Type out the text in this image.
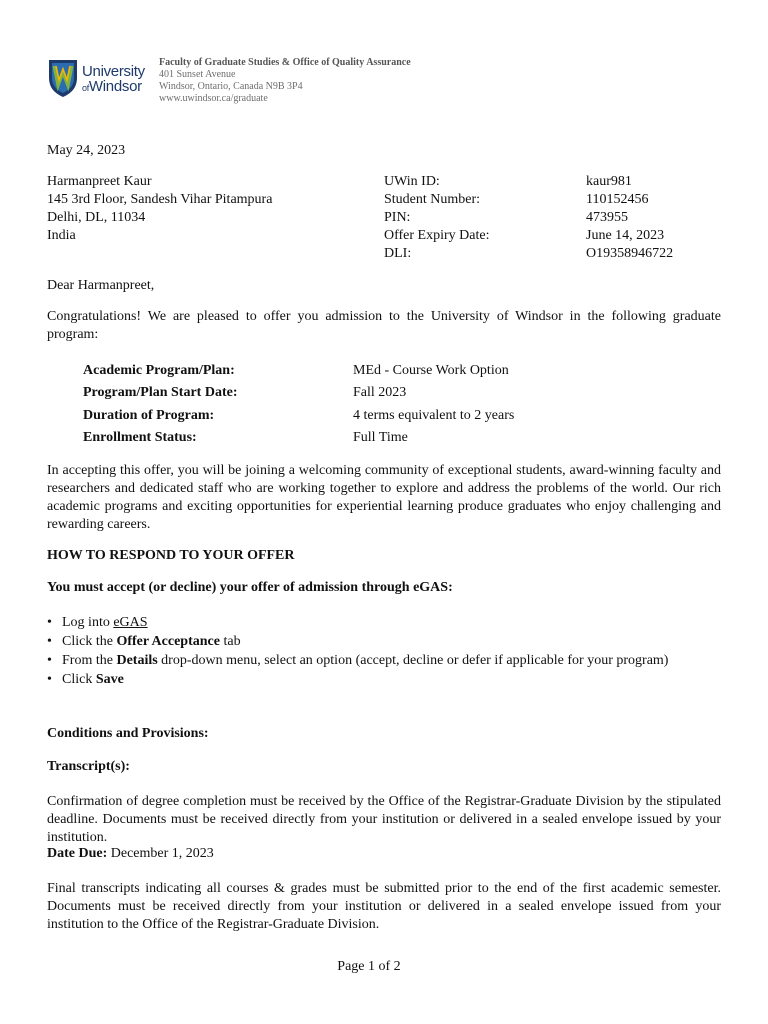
University
ofWindsor
Faculty of Graduate Studies & Office of Quality Assurance
401 Sunset Avenue
Windsor, Ontario, Canada N9B 3P4
www.uwindsor.ca/graduate
May 24, 2023
Harmanpreet Kaur
145 3rd Floor, Sandesh Vihar Pitampura
Delhi, DL, 11034
India
UWin ID:
Student Number:
PIN:
Offer Expiry Date:
DLI:
kaur981
110152456
473955
June 14, 2023
O19358946722
Dear Harmanpreet,
Congratulations! We are pleased to offer you admission to the University of Windsor in the following graduate program:
Academic Program/Plan:
Program/Plan Start Date:
Duration of Program:
Enrollment Status:
MEd - Course Work Option
Fall 2023
4 terms equivalent to 2 years
Full Time
In accepting this offer, you will be joining a welcoming community of exceptional students, award-winning faculty and researchers and dedicated staff who are working together to explore and address the problems of the world. Our rich academic programs and exciting opportunities for experiential learning produce graduates who enjoy challenging and rewarding careers.
HOW TO RESPOND TO YOUR OFFER
You must accept (or decline) your offer of admission through eGAS:
• Log into eGAS
• Click the Offer Acceptance tab
• From the Details drop-down menu, select an option (accept, decline or defer if applicable for your program)
• Click Save
Conditions and Provisions:
Transcript(s):
Confirmation of degree completion must be received by the Office of the Registrar-Graduate Division by the stipulated deadline. Documents must be received directly from your institution or delivered in a sealed envelope issued by your institution.
Date Due: December 1, 2023
Final transcripts indicating all courses & grades must be submitted prior to the end of the first academic semester. Documents must be received directly from your institution or delivered in a sealed envelope issued from your institution to the Office of the Registrar-Graduate Division.
Page 1 of 2
